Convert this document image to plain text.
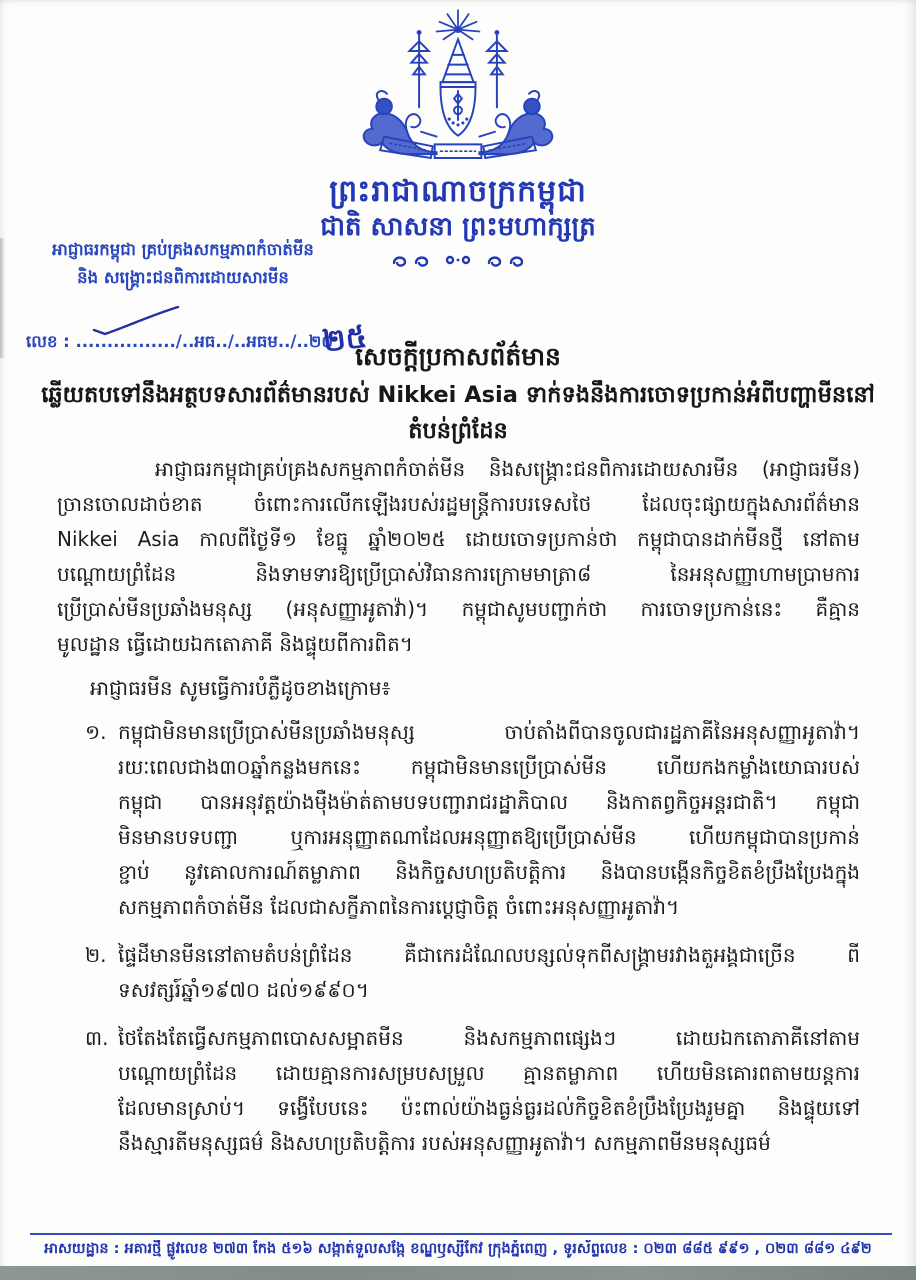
ព្រះរាជាណាចក្រកម្ពុជា
ជាតិ សាសនា ព្រះមហាក្សត្រ
អាជ្ញាធរកម្ពុជា គ្រប់គ្រងសកម្មភាពកំចាត់មីន
និង សង្គ្រោះជនពិការដោយសារមីន
លេខ : ................/..អធ../..អធម../..២០ ២៥
សេចក្ដីប្រកាសព័ត៌មាន
ឆ្លើយតបទៅនឹងអត្ថបទសារព័ត៌មានរបស់ Nikkei Asia ទាក់ទងនឹងការចោទប្រកាន់អំពីបញ្ហាមីននៅ
តំបន់ព្រំដែន
អាជ្ញាធរកម្ពុជាគ្រប់គ្រងសកម្មភាពកំចាត់មីន និងសង្គ្រោះជនពិការដោយសារមីន (អាជ្ញាធរមីន)
ច្រានចោលដាច់ខាត ចំពោះការលើកឡើងរបស់រដ្ឋមន្ត្រីការបរទេសថៃ ដែលចុះផ្សាយក្នុងសារព័ត៌មាន
Nikkei Asia កាលពីថ្ងៃទី១ ខែធ្នូ ឆ្នាំ២០២៥ ដោយចោទប្រកាន់ថា កម្ពុជាបានដាក់មីនថ្មី នៅតាម
បណ្ដោយព្រំដែន និងទាមទារឱ្យប្រើប្រាស់វិធានការក្រោមមាត្រា៨ នៃអនុសញ្ញាហាមប្រាមការ
ប្រើប្រាស់មីនប្រឆាំងមនុស្ស (អនុសញ្ញាអូតាវ៉ា)។ កម្ពុជាសូមបញ្ជាក់ថា ការចោទប្រកាន់នេះ គឺគ្មាន
មូលដ្ឋាន ធ្វើដោយឯកតោភាគី និងផ្ទុយពីការពិត។
អាជ្ញាធរមីន សូមធ្វើការបំភ្លឺដូចខាងក្រោម៖
១. កម្ពុជាមិនមានប្រើប្រាស់មីនប្រឆាំងមនុស្ស ចាប់តាំងពីបានចូលជារដ្ឋភាគីនៃអនុសញ្ញាអូតាវ៉ា។
រយៈពេលជាង៣០ឆ្នាំកន្លងមកនេះ កម្ពុជាមិនមានប្រើប្រាស់មីន ហើយកងកម្លាំងយោធារបស់
កម្ពុជា បានអនុវត្តយ៉ាងម៉ឺងម៉ាត់តាមបទបញ្ជារាជរដ្ឋាភិបាល និងកាតព្វកិច្ចអន្តរជាតិ។ កម្ពុជា
មិនមានបទបញ្ជា ឬការអនុញ្ញាតណាដែលអនុញ្ញាតឱ្យប្រើប្រាស់មីន ហើយកម្ពុជាបានប្រកាន់
ខ្ជាប់ នូវគោលការណ៍តម្លាភាព និងកិច្ចសហប្រតិបត្តិការ និងបានបង្កើនកិច្ចខិតខំប្រឹងប្រែងក្នុង
សកម្មភាពកំចាត់មីន ដែលជាសក្ខីភាពនៃការប្ដេជ្ញាចិត្ត ចំពោះអនុសញ្ញាអូតាវ៉ា។
២. ផ្ទៃដីមានមីននៅតាមតំបន់ព្រំដែន គឺជាកេរដំណែលបន្សល់ទុកពីសង្គ្រាមរវាងតួអង្គជាច្រើន ពី
ទសវត្សរ៍ឆ្នាំ១៩៧០ ដល់១៩៩០។
៣. ថៃតែងតែធ្វើសកម្មភាពបោសសម្អាតមីន និងសកម្មភាពផ្សេងៗ ដោយឯកតោភាគីនៅតាម
បណ្ដោយព្រំដែន ដោយគ្មានការសម្របសម្រួល គ្មានតម្លាភាព ហើយមិនគោរពតាមយន្តការ
ដែលមានស្រាប់។ ទង្វើបែបនេះ ប៉ះពាល់យ៉ាងធ្ងន់ធ្ងរដល់កិច្ចខិតខំប្រឹងប្រែងរួមគ្នា និងផ្ទុយទៅ
នឹងស្មារតីមនុស្សធម៌ និងសហប្រតិបត្តិការ របស់អនុសញ្ញាអូតាវ៉ា។ សកម្មភាពមីនមនុស្សធម៌
អាសយដ្ឋាន : អគារថ្មី ផ្លូវលេខ ២៧៣ កែង ៥១៦ សង្កាត់ទួលសង្កែ ខណ្ឌឫស្សីកែវ ក្រុងភ្នំពេញ , ទូរស័ព្ទលេខ : ០២៣ ៨៨៥ ៩៩១ , ០២៣ ៨៨១ ៤៩២
